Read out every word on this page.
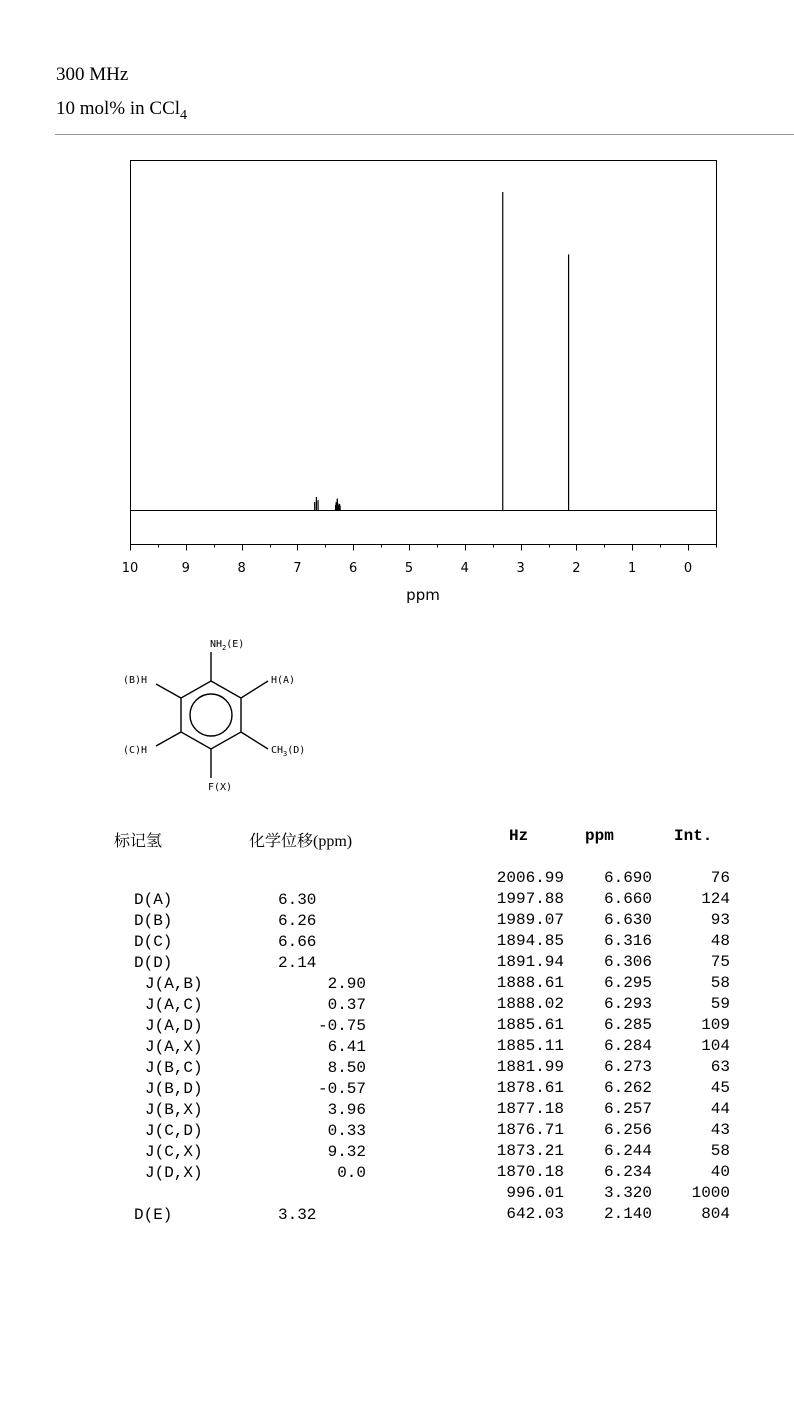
300 MHz
10 mol% in CCl$_4$
10	9	8	7	6	5	4	3	2	1	0
ppm
$NH_2(E)$
(B)H	H(A)
(C)H	$CH_3(D)$
F(X)
标记氢	化学位移(ppm)	Hz	ppm	Int.
D(A)	6.30
D(B)	6.26
D(C)	6.66
D(D)	2.14
J(A,B)	2.90
J(A,C)	0.37
J(A,D)	-0.75
J(A,X)	6.41
J(B,C)	8.50
J(B,D)	-0.57
J(B,X)	3.96
J(C,D)	0.33
J(C,X)	9.32
J(D,X)	0.0
D(E)	3.32
2006.99	6.690	76
1997.88	6.660	124
1989.07	6.630	93
1894.85	6.316	48
1891.94	6.306	75
1888.61	6.295	58
1888.02	6.293	59
1885.61	6.285	109
1885.11	6.284	104
1881.99	6.273	63
1878.61	6.262	45
1877.18	6.257	44
1876.71	6.256	43
1873.21	6.244	58
1870.18	6.234	40
996.01	3.320	1000
642.03	2.140	804
